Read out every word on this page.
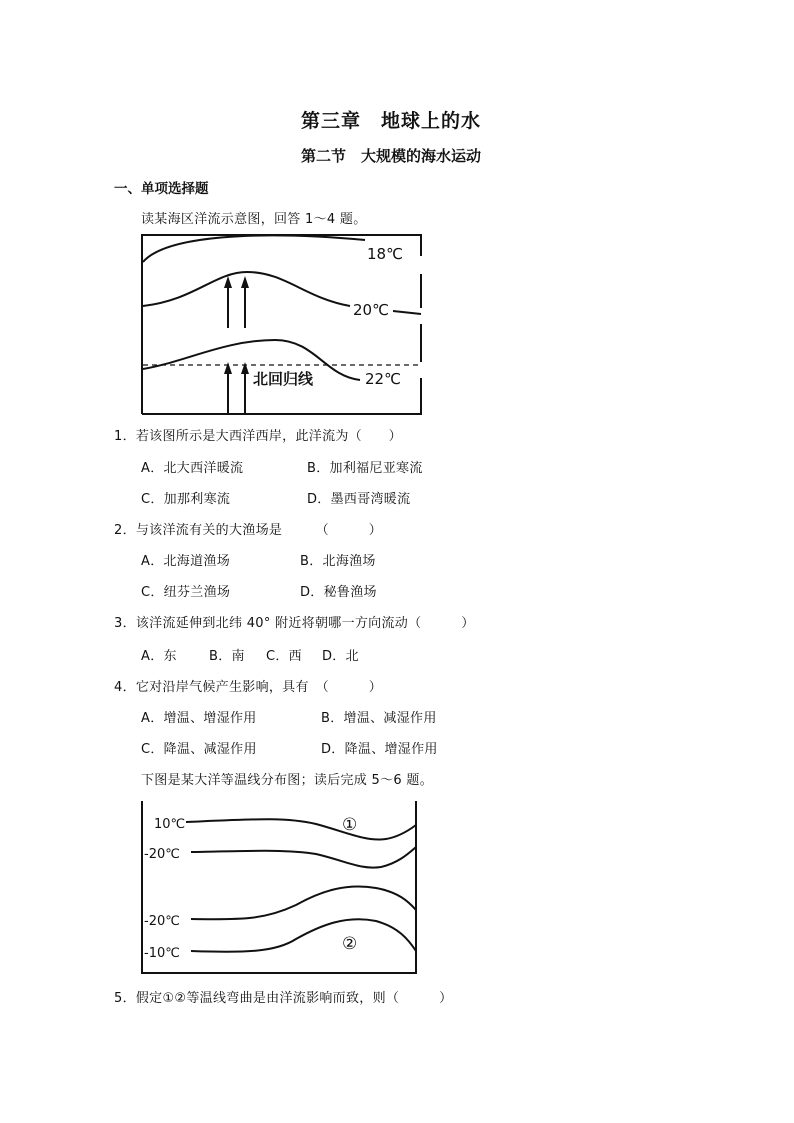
第三章　地球上的水
第二节　大规模的海水运动
一、单项选择题
读某海区洋流示意图，回答 1～4 题。
18℃
20℃
22℃
北回归线
1．若该图所示是大西洋西岸，此洋流为（　　）
A．北大西洋暖流	B．加利福尼亚寒流
C．加那利寒流	D．墨西哥湾暖流
2．与该洋流有关的大渔场是　　　（　　　）
A．北海道渔场	B．北海渔场
C．纽芬兰渔场	D．秘鲁渔场
3．该洋流延伸到北纬 40° 附近将朝哪一方向流动（　　　）
A．东 B．南 C．西 D．北
4．它对沿岸气候产生影响，具有　（　　　）
A．增温、增湿作用	B．增温、减湿作用
C．降温、减湿作用	D．降温、增湿作用
下图是某大洋等温线分布图；读后完成 5～6 题。
10℃
-20℃
-20℃
-10℃
①
②
5．假定①②等温线弯曲是由洋流影响而致，则（　　　）
